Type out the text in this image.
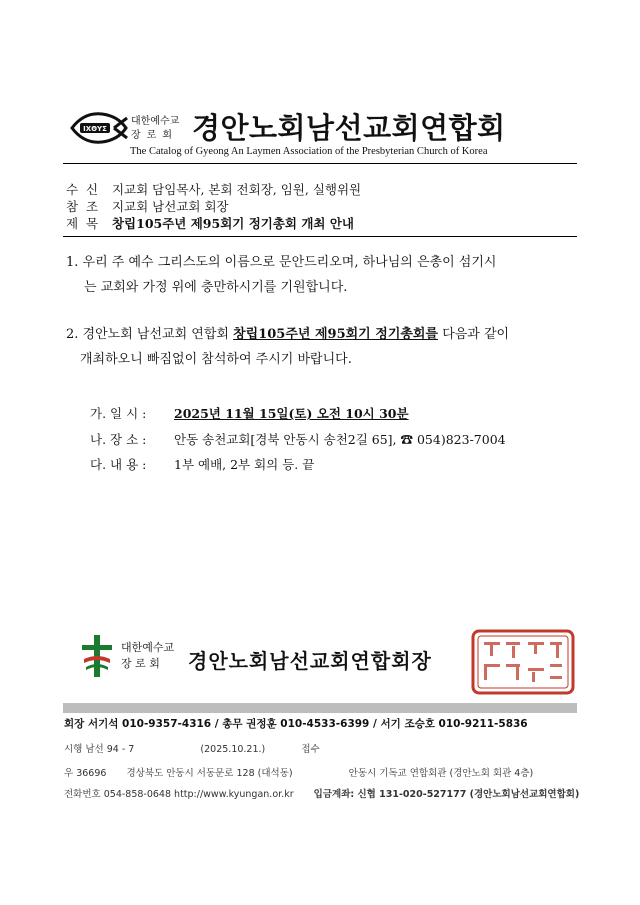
IXΘYΣ
대한예수교
장로회 경안노회남선교회연합회
The Catalog of Gyeong An Laymen Association of the Presbyterian Church of Korea
수 신 지교회 담임목사, 본회 전회장, 임원, 실행위원
참 조 지교회 남선교회 회장
제 목 창립105주년 제95회기 정기총회 개최 안내
1. 우리 주 예수 그리스도의 이름으로 문안드리오며, 하나님의 은총이 섬기시
는 교회와 가정 위에 충만하시기를 기원합니다.
2. 경안노회 남선교회 연합회 창립105주년 제95회기 정기총회를 다음과 같이
개최하오니 빠짐없이 참석하여 주시기 바랍니다.
가. 일 시 : 2025년 11월 15일(토) 오전 10시 30분
나. 장 소 : 안동 송천교회[경북 안동시 송천2길 65], ☎ 054)823-7004
다. 내 용 : 1부 예배, 2부 회의 등. 끝
대한예수교
장 로 회	경안노회남선교회연합회장
회장 서기석 010-9357-4316 / 총무 권정훈 010-4533-6399 / 서기 조승호 010-9211-5836
시행 남선 94 - 7	(2025.10.21.)	접수
우 36696 경상북도 안동시 서동문로 128 (대석동)	안동시 기독교 연합회관 (경안노회 회관 4층)
전화번호 054-858-0648 http://www.kyungan.or.kr 입금계좌: 신협 131-020-527177 (경안노회남선교회연합회)
